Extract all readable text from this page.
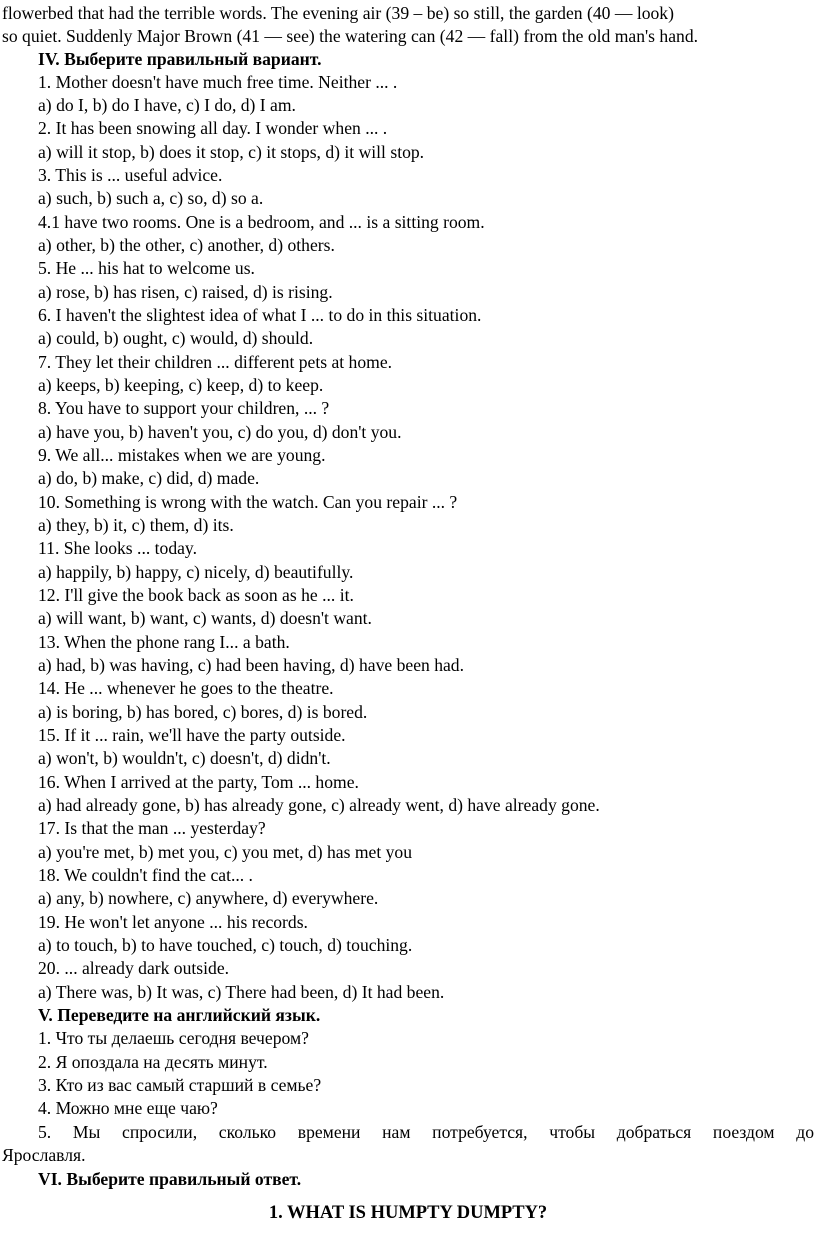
flowerbed that had the terrible words. The evening air (39 – be) so still, the garden (40 — look)
so quiet. Suddenly Major Brown (41 — see) the watering can (42 — fall) from the old man's hand.
IV. Выберите правильный вариант.
1. Mother doesn't have much free time. Neither ... .
a) do I, b) do I have, c) I do, d) I am.
2. It has been snowing all day. I wonder when ... .
a) will it stop, b) does it stop, c) it stops, d) it will stop.
3. This is ... useful advice.
a) such, b) such a, c) so, d) so a.
4.1 have two rooms. One is a bedroom, and ... is a sitting room.
a) other, b) the other, c) another, d) others.
5. He ... his hat to welcome us.
a) rose, b) has risen, c) raised, d) is rising.
6. I haven't the slightest idea of what I ... to do in this situation.
a) could, b) ought, c) would, d) should.
7. They let their children ... different pets at home.
a) keeps, b) keeping, c) keep, d) to keep.
8. You have to support your children, ... ?
a) have you, b) haven't you, c) do you, d) don't you.
9. We all... mistakes when we are young.
a) do, b) make, c) did, d) made.
10. Something is wrong with the watch. Can you repair ... ?
a) they, b) it, c) them, d) its.
11. She looks ... today.
a) happily, b) happy, c) nicely, d) beautifully.
12. I'll give the book back as soon as he ... it.
a) will want, b) want, c) wants, d) doesn't want.
13. When the phone rang I... a bath.
a) had, b) was having, c) had been having, d) have been had.
14. He ... whenever he goes to the theatre.
a) is boring, b) has bored, c) bores, d) is bored.
15. If it ... rain, we'll have the party outside.
a) won't, b) wouldn't, c) doesn't, d) didn't.
16. When I arrived at the party, Tom ... home.
a) had already gone, b) has already gone, c) already went, d) have already gone.
17. Is that the man ... yesterday?
a) you're met, b) met you, c) you met, d) has met you
18. We couldn't find the cat... .
a) any, b) nowhere, c) anywhere, d) everywhere.
19. He won't let anyone ... his records.
a) to touch, b) to have touched, c) touch, d) touching.
20. ... already dark outside.
a) There was, b) It was, c) There had been, d) It had been.
V. Переведите на английский язык.
1. Что ты делаешь сегодня вечером?
2. Я опоздала на десять минут.
3. Кто из вас самый старший в семье?
4. Можно мне еще чаю?
5. Мы спросили, сколько времени нам потребуется, чтобы добраться поездом до
Ярославля.
VI. Выберите правильный ответ.
1. WHAT IS HUMPTY DUMPTY?
